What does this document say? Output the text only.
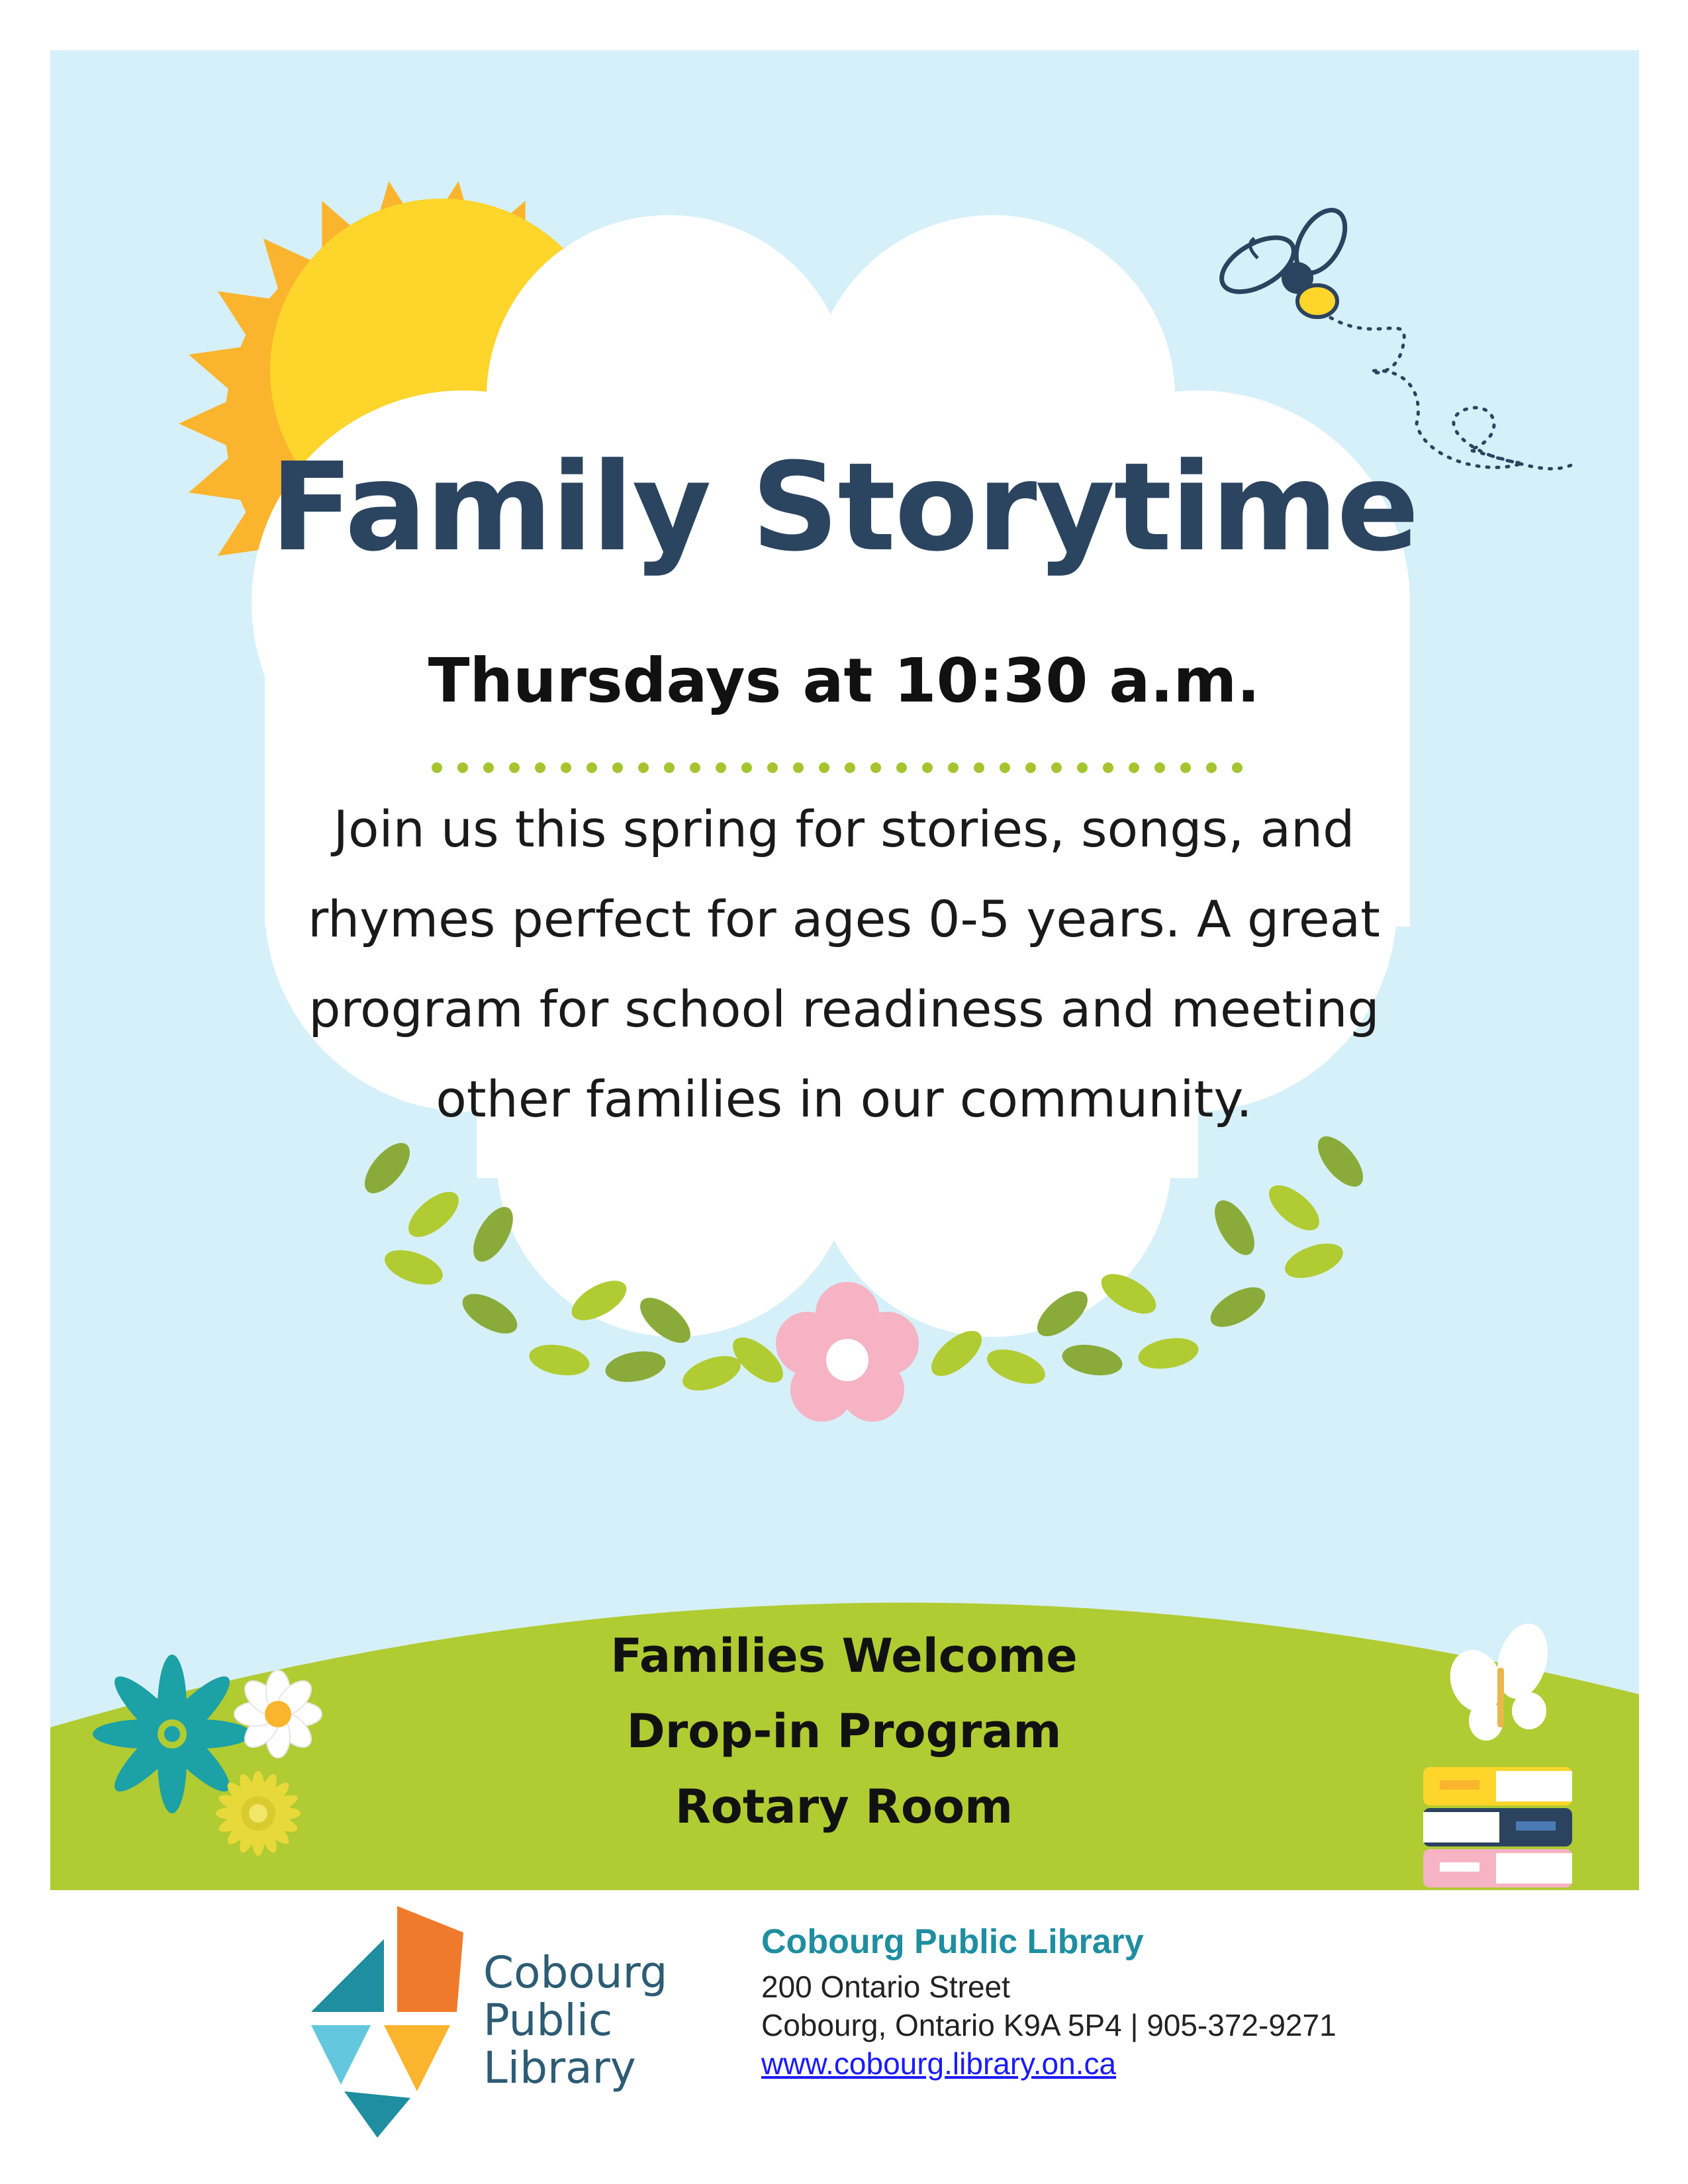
Family Storytime

Thursdays at 10:30 a.m.

Join us this spring for stories, songs, and rhymes perfect for ages 0-5 years. A great program for school readiness and meeting other families in our community.

Families Welcome
Drop-in Program
Rotary Room
Cobourg
Public
Library
Cobourg Public Library
200 Ontario Street
Cobourg, Ontario K9A 5P4 | 905-372-9271
www.cobourg.library.on.ca
